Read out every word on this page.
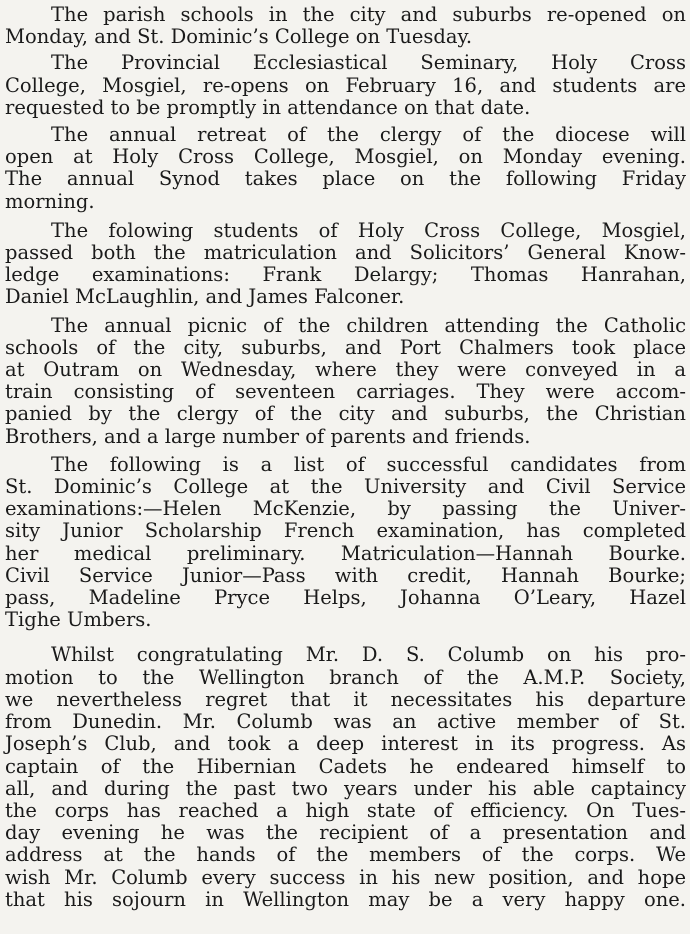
The parish schools in the city and suburbs re-opened on
Monday, and St. Dominic’s College on Tuesday.

The Provincial Ecclesiastical Seminary, Holy Cross
College, Mosgiel, re-opens on February 16, and students are
requested to be promptly in attendance on that date.

The annual retreat of the clergy of the diocese will
open at Holy Cross College, Mosgiel, on Monday evening.
The annual Synod takes place on the following Friday
morning.

The folowing students of Holy Cross College, Mosgiel,
passed both the matriculation and Solicitors’ General Know-
ledge examinations: Frank Delargy; Thomas Hanrahan,
Daniel McLaughlin, and James Falconer.

The annual picnic of the children attending the Catholic
schools of the city, suburbs, and Port Chalmers took place
at Outram on Wednesday, where they were conveyed in a
train consisting of seventeen carriages. They were accom-
panied by the clergy of the city and suburbs, the Christian
Brothers, and a large number of parents and friends.

The following is a list of successful candidates from
St. Dominic’s College at the University and Civil Service
examinations:—Helen McKenzie, by passing the Univer-
sity Junior Scholarship French examination, has completed
her medical preliminary. Matriculation—Hannah Bourke.
Civil Service Junior—Pass with credit, Hannah Bourke;
pass, Madeline Pryce Helps, Johanna O’Leary, Hazel
Tighe Umbers.

Whilst congratulating Mr. D. S. Columb on his pro-
motion to the Wellington branch of the A.M.P. Society,
we nevertheless regret that it necessitates his departure
from Dunedin. Mr. Columb was an active member of St.
Joseph’s Club, and took a deep interest in its progress. As
captain of the Hibernian Cadets he endeared himself to
all, and during the past two years under his able captaincy
the corps has reached a high state of efficiency. On Tues-
day evening he was the recipient of a presentation and
address at the hands of the members of the corps. We
wish Mr. Columb every success in his new position, and hope
that his sojourn in Wellington may be a very happy one.
